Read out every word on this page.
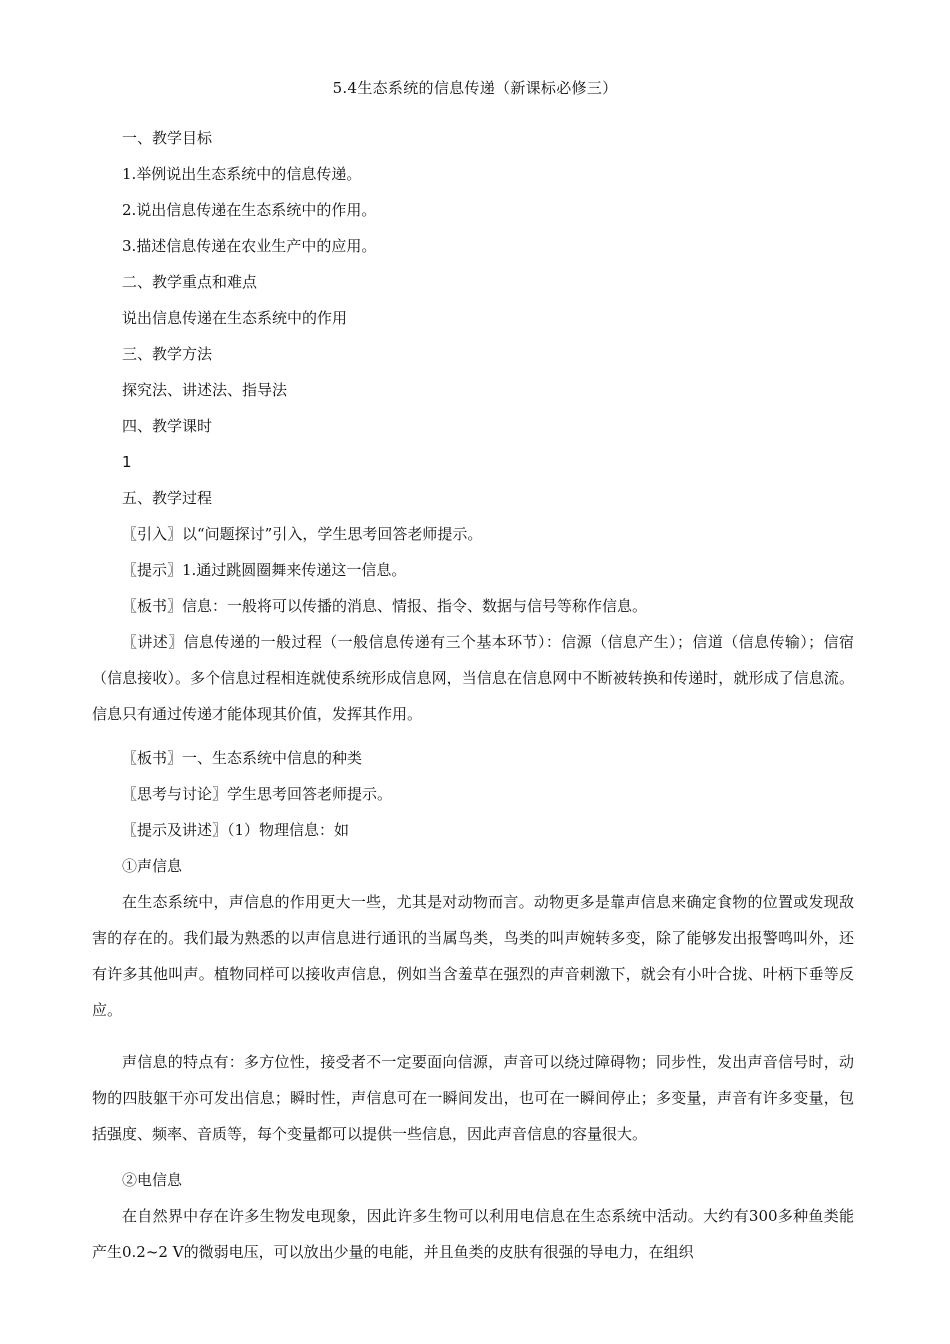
5.4生态系统的信息传递（新课标必修三）
一、教学目标
1.举例说出生态系统中的信息传递。
2.说出信息传递在生态系统中的作用。
3.描述信息传递在农业生产中的应用。
二、教学重点和难点
说出信息传递在生态系统中的作用
三、教学方法
探究法、讲述法、指导法
四、教学课时
1
五、教学过程
〖引入〗以“问题探讨”引入，学生思考回答老师提示。
〖提示〗1.通过跳圆圈舞来传递这一信息。
〖板书〗信息：一般将可以传播的消息、情报、指令、数据与信号等称作信息。
〖讲述〗信息传递的一般过程（一般信息传递有三个基本环节）：信源（信息产生）；信道（信息传输）；信宿（信息接收）。多个信息过程相连就使系统形成信息网，当信息在信息网中不断被转换和传递时，就形成了信息流。信息只有通过传递才能体现其价值，发挥其作用。
〖板书〗一、生态系统中信息的种类
〖思考与讨论〗学生思考回答老师提示。
〖提示及讲述〗（1）物理信息：如
①声信息
在生态系统中，声信息的作用更大一些，尤其是对动物而言。动物更多是靠声信息来确定食物的位置或发现敌害的存在的。我们最为熟悉的以声信息进行通讯的当属鸟类，鸟类的叫声婉转多变，除了能够发出报警鸣叫外，还有许多其他叫声。植物同样可以接收声信息，例如当含羞草在强烈的声音刺激下，就会有小叶合拢、叶柄下垂等反应。
声信息的特点有：多方位性，接受者不一定要面向信源，声音可以绕过障碍物；同步性，发出声音信号时，动物的四肢躯干亦可发出信息；瞬时性，声信息可在一瞬间发出，也可在一瞬间停止；多变量，声音有许多变量，包括强度、频率、音质等，每个变量都可以提供一些信息，因此声音信息的容量很大。
②电信息
在自然界中存在许多生物发电现象，因此许多生物可以利用电信息在生态系统中活动。大约有300多种鱼类能产生0.2~2 V的微弱电压，可以放出少量的电能，并且鱼类的皮肤有很强的导电力，在组织
